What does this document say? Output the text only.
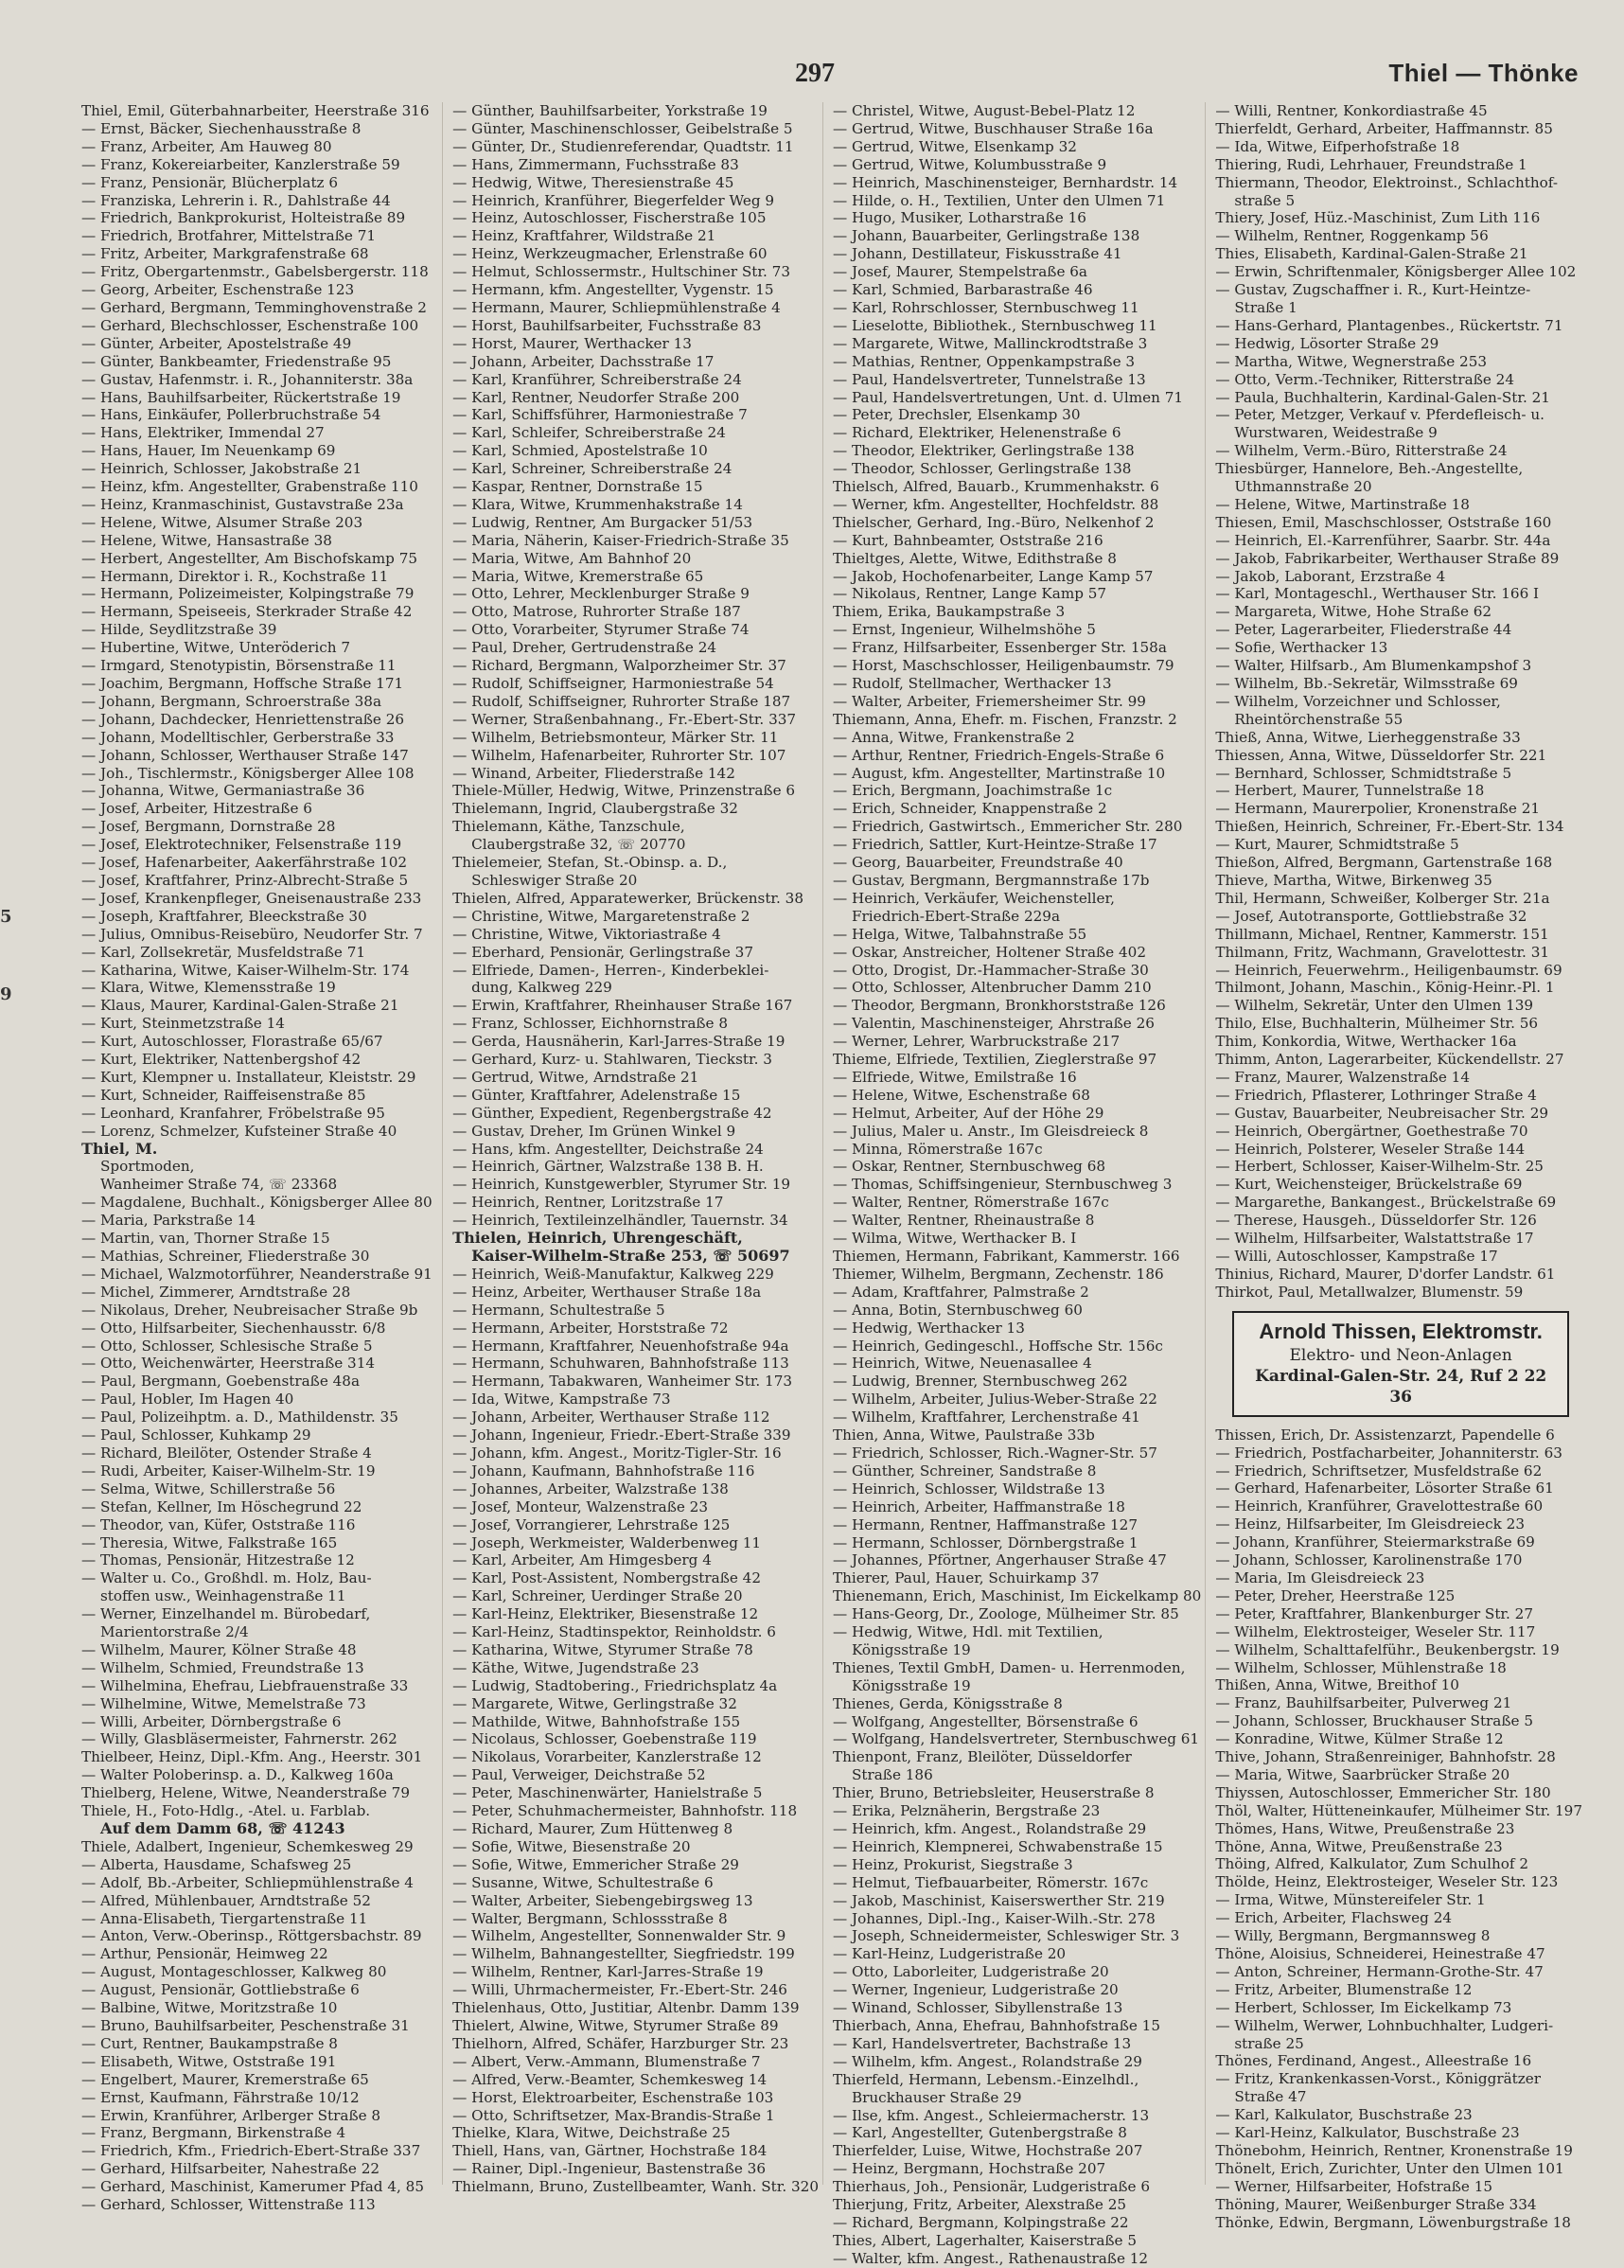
297	Thiel — Thönke
5
9
Thiel, Emil, Güterbahnarbeiter, Heerstraße 316
— Ernst, Bäcker, Siechenhausstraße 8
— Franz, Arbeiter, Am Hauweg 80
— Franz, Kokereiarbeiter, Kanzlerstraße 59
— Franz, Pensionär, Blücherplatz 6
— Franziska, Lehrerin i. R., Dahlstraße 44
— Friedrich, Bankprokurist, Holteistraße 89
— Friedrich, Brotfahrer, Mittelstraße 71
— Fritz, Arbeiter, Markgrafenstraße 68
— Fritz, Obergartenmstr., Gabelsbergerstr. 118
— Georg, Arbeiter, Eschenstraße 123
— Gerhard, Bergmann, Temminghovenstraße 2
— Gerhard, Blechschlosser, Eschenstraße 100
— Günter, Arbeiter, Apostelstraße 49
— Günter, Bankbeamter, Friedenstraße 95
— Gustav, Hafenmstr. i. R., Johanniterstr. 38a
— Hans, Bauhilfsarbeiter, Rückertstraße 19
— Hans, Einkäufer, Pollerbruchstraße 54
— Hans, Elektriker, Immendal 27
— Hans, Hauer, Im Neuenkamp 69
— Heinrich, Schlosser, Jakobstraße 21
— Heinz, kfm. Angestellter, Grabenstraße 110
— Heinz, Kranmaschinist, Gustavstraße 23a
— Helene, Witwe, Alsumer Straße 203
— Helene, Witwe, Hansastraße 38
— Herbert, Angestellter, Am Bischofskamp 75
— Hermann, Direktor i. R., Kochstraße 11
— Hermann, Polizeimeister, Kolpingstraße 79
— Hermann, Speiseeis, Sterkrader Straße 42
— Hilde, Seydlitzstraße 39
— Hubertine, Witwe, Unteröderich 7
— Irmgard, Stenotypistin, Börsenstraße 11
— Joachim, Bergmann, Hoffsche Straße 171
— Johann, Bergmann, Schroerstraße 38a
— Johann, Dachdecker, Henriettenstraße 26
— Johann, Modelltischler, Gerberstraße 33
— Johann, Schlosser, Werthauser Straße 147
— Joh., Tischlermstr., Königsberger Allee 108
— Johanna, Witwe, Germaniastraße 36
— Josef, Arbeiter, Hitzestraße 6
— Josef, Bergmann, Dornstraße 28
— Josef, Elektrotechniker, Felsenstraße 119
— Josef, Hafenarbeiter, Aakerfährstraße 102
— Josef, Kraftfahrer, Prinz-Albrecht-Straße 5
— Josef, Krankenpfleger, Gneisenaustraße 233
— Joseph, Kraftfahrer, Bleeckstraße 30
— Julius, Omnibus-Reisebüro, Neudorfer Str. 7
— Karl, Zollsekretär, Musfeldstraße 71
— Katharina, Witwe, Kaiser-Wilhelm-Str. 174
— Klara, Witwe, Klemensstraße 19
— Klaus, Maurer, Kardinal-Galen-Straße 21
— Kurt, Steinmetzstraße 14
— Kurt, Autoschlosser, Florastraße 65/67
— Kurt, Elektriker, Nattenbergshof 42
— Kurt, Klempner u. Installateur, Kleiststr. 29
— Kurt, Schneider, Raiffeisenstraße 85
— Leonhard, Kranfahrer, Fröbelstraße 95
— Lorenz, Schmelzer, Kufsteiner Straße 40
Thiel, M.
Sportmoden,
Wanheimer Straße 74, ☏ 23368
— Magdalene, Buchhalt., Königsberger Allee 80
— Maria, Parkstraße 14
— Martin, van, Thorner Straße 15
— Mathias, Schreiner, Fliederstraße 30
— Michael, Walzmotorführer, Neanderstraße 91
— Michel, Zimmerer, Arndtstraße 28
— Nikolaus, Dreher, Neubreisacher Straße 9b
— Otto, Hilfsarbeiter, Siechenhausstr. 6/8
— Otto, Schlosser, Schlesische Straße 5
— Otto, Weichenwärter, Heerstraße 314
— Paul, Bergmann, Goebenstraße 48a
— Paul, Hobler, Im Hagen 40
— Paul, Polizeihptm. a. D., Mathildenstr. 35
— Paul, Schlosser, Kuhkamp 29
— Richard, Bleilöter, Ostender Straße 4
— Rudi, Arbeiter, Kaiser-Wilhelm-Str. 19
— Selma, Witwe, Schillerstraße 56
— Stefan, Kellner, Im Höschegrund 22
— Theodor, van, Küfer, Oststraße 116
— Theresia, Witwe, Falkstraße 165
— Thomas, Pensionär, Hitzestraße 12
— Walter u. Co., Großhdl. m. Holz, Bau-
stoffen usw., Weinhagenstraße 11
— Werner, Einzelhandel m. Bürobedarf,
Marientorstraße 2/4
— Wilhelm, Maurer, Kölner Straße 48
— Wilhelm, Schmied, Freundstraße 13
— Wilhelmina, Ehefrau, Liebfrauenstraße 33
— Wilhelmine, Witwe, Memelstraße 73
— Willi, Arbeiter, Dörnbergstraße 6
— Willy, Glasbläsermeister, Fahrnerstr. 262
Thielbeer, Heinz, Dipl.-Kfm. Ang., Heerstr. 301
— Walter Poloberinsp. a. D., Kalkweg 160a
Thielberg, Helene, Witwe, Neanderstraße 79
Thiele, H., Foto-Hdlg., -Atel. u. Farblab.
Auf dem Damm 68, ☏ 41243
Thiele, Adalbert, Ingenieur, Schemkesweg 29
— Alberta, Hausdame, Schafsweg 25
— Adolf, Bb.-Arbeiter, Schliepmühlenstraße 4
— Alfred, Mühlenbauer, Arndtstraße 52
— Anna-Elisabeth, Tiergartenstraße 11
— Anton, Verw.-Oberinsp., Röttgersbachstr. 89
— Arthur, Pensionär, Heimweg 22
— August, Montageschlosser, Kalkweg 80
— August, Pensionär, Gottliebstraße 6
— Balbine, Witwe, Moritzstraße 10
— Bruno, Bauhilfsarbeiter, Peschenstraße 31
— Curt, Rentner, Baukampstraße 8
— Elisabeth, Witwe, Oststraße 191
— Engelbert, Maurer, Kremerstraße 65
— Ernst, Kaufmann, Fährstraße 10/12
— Erwin, Kranführer, Arlberger Straße 8
— Franz, Bergmann, Birkenstraße 4
— Friedrich, Kfm., Friedrich-Ebert-Straße 337
— Gerhard, Hilfsarbeiter, Nahestraße 22
— Gerhard, Maschinist, Kamerumer Pfad 4, 85
— Gerhard, Schlosser, Wittenstraße 113
— Günther, Bauhilfsarbeiter, Yorkstraße 19
— Günter, Maschinenschlosser, Geibelstraße 5
— Günter, Dr., Studienreferendar, Quadtstr. 11
— Hans, Zimmermann, Fuchsstraße 83
— Hedwig, Witwe, Theresienstraße 45
— Heinrich, Kranführer, Biegerfelder Weg 9
— Heinz, Autoschlosser, Fischerstraße 105
— Heinz, Kraftfahrer, Wildstraße 21
— Heinz, Werkzeugmacher, Erlenstraße 60
— Helmut, Schlossermstr., Hultschiner Str. 73
— Hermann, kfm. Angestellter, Vygenstr. 15
— Hermann, Maurer, Schliepmühlenstraße 4
— Horst, Bauhilfsarbeiter, Fuchsstraße 83
— Horst, Maurer, Werthacker 13
— Johann, Arbeiter, Dachsstraße 17
— Karl, Kranführer, Schreiberstraße 24
— Karl, Rentner, Neudorfer Straße 200
— Karl, Schiffsführer, Harmoniestraße 7
— Karl, Schleifer, Schreiberstraße 24
— Karl, Schmied, Apostelstraße 10
— Karl, Schreiner, Schreiberstraße 24
— Kaspar, Rentner, Dornstraße 15
— Klara, Witwe, Krummenhakstraße 14
— Ludwig, Rentner, Am Burgacker 51/53
— Maria, Näherin, Kaiser-Friedrich-Straße 35
— Maria, Witwe, Am Bahnhof 20
— Maria, Witwe, Kremerstraße 65
— Otto, Lehrer, Mecklenburger Straße 9
— Otto, Matrose, Ruhrorter Straße 187
— Otto, Vorarbeiter, Styrumer Straße 74
— Paul, Dreher, Gertrudenstraße 24
— Richard, Bergmann, Walporzheimer Str. 37
— Rudolf, Schiffseigner, Harmoniestraße 54
— Rudolf, Schiffseigner, Ruhrorter Straße 187
— Werner, Straßenbahnang., Fr.-Ebert-Str. 337
— Wilhelm, Betriebsmonteur, Märker Str. 11
— Wilhelm, Hafenarbeiter, Ruhrorter Str. 107
— Winand, Arbeiter, Fliederstraße 142
Thiele-Müller, Hedwig, Witwe, Prinzenstraße 6
Thielemann, Ingrid, Claubergstraße 32
Thielemann, Käthe, Tanzschule,
Claubergstraße 32, ☏ 20770
Thielemeier, Stefan, St.-Obinsp. a. D.,
Schleswiger Straße 20
Thielen, Alfred, Apparatewerker, Brückenstr. 38
— Christine, Witwe, Margaretenstraße 2
— Christine, Witwe, Viktoriastraße 4
— Eberhard, Pensionär, Gerlingstraße 37
— Elfriede, Damen-, Herren-, Kinderbeklei-
dung, Kalkweg 229
— Erwin, Kraftfahrer, Rheinhauser Straße 167
— Franz, Schlosser, Eichhornstraße 8
— Gerda, Hausnäherin, Karl-Jarres-Straße 19
— Gerhard, Kurz- u. Stahlwaren, Tieckstr. 3
— Gertrud, Witwe, Arndstraße 21
— Günter, Kraftfahrer, Adelenstraße 15
— Günther, Expedient, Regenbergstraße 42
— Gustav, Dreher, Im Grünen Winkel 9
— Hans, kfm. Angestellter, Deichstraße 24
— Heinrich, Gärtner, Walzstraße 138 B. H.
— Heinrich, Kunstgewerbler, Styrumer Str. 19
— Heinrich, Rentner, Loritzstraße 17
— Heinrich, Textileinzelhändler, Tauernstr. 34
Thielen, Heinrich, Uhrengeschäft,
Kaiser-Wilhelm-Straße 253, ☏ 50697
— Heinrich, Weiß-Manufaktur, Kalkweg 229
— Heinz, Arbeiter, Werthauser Straße 18a
— Hermann, Schultestraße 5
— Hermann, Arbeiter, Horststraße 72
— Hermann, Kraftfahrer, Neuenhofstraße 94a
— Hermann, Schuhwaren, Bahnhofstraße 113
— Hermann, Tabakwaren, Wanheimer Str. 173
— Ida, Witwe, Kampstraße 73
— Johann, Arbeiter, Werthauser Straße 112
— Johann, Ingenieur, Friedr.-Ebert-Straße 339
— Johann, kfm. Angest., Moritz-Tigler-Str. 16
— Johann, Kaufmann, Bahnhofstraße 116
— Johannes, Arbeiter, Walzstraße 138
— Josef, Monteur, Walzenstraße 23
— Josef, Vorrangierer, Lehrstraße 125
— Joseph, Werkmeister, Walderbenweg 11
— Karl, Arbeiter, Am Himgesberg 4
— Karl, Post-Assistent, Nombergstraße 42
— Karl, Schreiner, Uerdinger Straße 20
— Karl-Heinz, Elektriker, Biesenstraße 12
— Karl-Heinz, Stadtinspektor, Reinholdstr. 6
— Katharina, Witwe, Styrumer Straße 78
— Käthe, Witwe, Jugendstraße 23
— Ludwig, Stadtobering., Friedrichsplatz 4a
— Margarete, Witwe, Gerlingstraße 32
— Mathilde, Witwe, Bahnhofstraße 155
— Nicolaus, Schlosser, Goebenstraße 119
— Nikolaus, Vorarbeiter, Kanzlerstraße 12
— Paul, Verweiger, Deichstraße 52
— Peter, Maschinenwärter, Hanielstraße 5
— Peter, Schuhmachermeister, Bahnhofstr. 118
— Richard, Maurer, Zum Hüttenweg 8
— Sofie, Witwe, Biesenstraße 20
— Sofie, Witwe, Emmericher Straße 29
— Susanne, Witwe, Schultestraße 6
— Walter, Arbeiter, Siebengebirgsweg 13
— Walter, Bergmann, Schlossstraße 8
— Wilhelm, Angestellter, Sonnenwalder Str. 9
— Wilhelm, Bahnangestellter, Siegfriedstr. 199
— Wilhelm, Rentner, Karl-Jarres-Straße 19
— Willi, Uhrmachermeister, Fr.-Ebert-Str. 246
Thielenhaus, Otto, Justitiar, Altenbr. Damm 139
Thielert, Alwine, Witwe, Styrumer Straße 89
Thielhorn, Alfred, Schäfer, Harzburger Str. 23
— Albert, Verw.-Ammann, Blumenstraße 7
— Alfred, Verw.-Beamter, Schemkesweg 14
— Horst, Elektroarbeiter, Eschenstraße 103
— Otto, Schriftsetzer, Max-Brandis-Straße 1
Thielke, Klara, Witwe, Deichstraße 25
Thiell, Hans, van, Gärtner, Hochstraße 184
— Rainer, Dipl.-Ingenieur, Bastenstraße 36
Thielmann, Bruno, Zustellbeamter, Wanh. Str. 320
— Christel, Witwe, August-Bebel-Platz 12
— Gertrud, Witwe, Buschhauser Straße 16a
— Gertrud, Witwe, Elsenkamp 32
— Gertrud, Witwe, Kolumbusstraße 9
— Heinrich, Maschinensteiger, Bernhardstr. 14
— Hilde, o. H., Textilien, Unter den Ulmen 71
— Hugo, Musiker, Lotharstraße 16
— Johann, Bauarbeiter, Gerlingstraße 138
— Johann, Destillateur, Fiskusstraße 41
— Josef, Maurer, Stempelstraße 6a
— Karl, Schmied, Barbarastraße 46
— Karl, Rohrschlosser, Sternbuschweg 11
— Lieselotte, Bibliothek., Sternbuschweg 11
— Margarete, Witwe, Mallinckrodtstraße 3
— Mathias, Rentner, Oppenkampstraße 3
— Paul, Handelsvertreter, Tunnelstraße 13
— Paul, Handelsvertretungen, Unt. d. Ulmen 71
— Peter, Drechsler, Elsenkamp 30
— Richard, Elektriker, Helenenstraße 6
— Theodor, Elektriker, Gerlingstraße 138
— Theodor, Schlosser, Gerlingstraße 138
Thielsch, Alfred, Bauarb., Krummenhakstr. 6
— Werner, kfm. Angestellter, Hochfeldstr. 88
Thielscher, Gerhard, Ing.-Büro, Nelkenhof 2
— Kurt, Bahnbeamter, Oststraße 216
Thieltges, Alette, Witwe, Edithstraße 8
— Jakob, Hochofenarbeiter, Lange Kamp 57
— Nikolaus, Rentner, Lange Kamp 57
Thiem, Erika, Baukampstraße 3
— Ernst, Ingenieur, Wilhelmshöhe 5
— Franz, Hilfsarbeiter, Essenberger Str. 158a
— Horst, Maschschlosser, Heiligenbaumstr. 79
— Rudolf, Stellmacher, Werthacker 13
— Walter, Arbeiter, Friemersheimer Str. 99
Thiemann, Anna, Ehefr. m. Fischen, Franzstr. 2
— Anna, Witwe, Frankenstraße 2
— Arthur, Rentner, Friedrich-Engels-Straße 6
— August, kfm. Angestellter, Martinstraße 10
— Erich, Bergmann, Joachimstraße 1c
— Erich, Schneider, Knappenstraße 2
— Friedrich, Gastwirtsch., Emmericher Str. 280
— Friedrich, Sattler, Kurt-Heintze-Straße 17
— Georg, Bauarbeiter, Freundstraße 40
— Gustav, Bergmann, Bergmannstraße 17b
— Heinrich, Verkäufer, Weichensteller,
Friedrich-Ebert-Straße 229a
— Helga, Witwe, Talbahnstraße 55
— Oskar, Anstreicher, Holtener Straße 402
— Otto, Drogist, Dr.-Hammacher-Straße 30
— Otto, Schlosser, Altenbrucher Damm 210
— Theodor, Bergmann, Bronkhorststraße 126
— Valentin, Maschinensteiger, Ahrstraße 26
— Werner, Lehrer, Warbruckstraße 217
Thieme, Elfriede, Textilien, Zieglerstraße 97
— Elfriede, Witwe, Emilstraße 16
— Helene, Witwe, Eschenstraße 68
— Helmut, Arbeiter, Auf der Höhe 29
— Julius, Maler u. Anstr., Im Gleisdreieck 8
— Minna, Römerstraße 167c
— Oskar, Rentner, Sternbuschweg 68
— Thomas, Schiffsingenieur, Sternbuschweg 3
— Walter, Rentner, Römerstraße 167c
— Walter, Rentner, Rheinaustraße 8
— Wilma, Witwe, Werthacker B. I
Thiemen, Hermann, Fabrikant, Kammerstr. 166
Thiemer, Wilhelm, Bergmann, Zechenstr. 186
— Adam, Kraftfahrer, Palmstraße 2
— Anna, Botin, Sternbuschweg 60
— Hedwig, Werthacker 13
— Heinrich, Gedingeschl., Hoffsche Str. 156c
— Heinrich, Witwe, Neuenasallee 4
— Ludwig, Brenner, Sternbuschweg 262
— Wilhelm, Arbeiter, Julius-Weber-Straße 22
— Wilhelm, Kraftfahrer, Lerchenstraße 41
Thien, Anna, Witwe, Paulstraße 33b
— Friedrich, Schlosser, Rich.-Wagner-Str. 57
— Günther, Schreiner, Sandstraße 8
— Heinrich, Schlosser, Wildstraße 13
— Heinrich, Arbeiter, Haffmanstraße 18
— Hermann, Rentner, Haffmanstraße 127
— Hermann, Schlosser, Dörnbergstraße 1
— Johannes, Pförtner, Angerhauser Straße 47
Thierer, Paul, Hauer, Schuirkamp 37
Thienemann, Erich, Maschinist, Im Eickelkamp 80
— Hans-Georg, Dr., Zoologe, Mülheimer Str. 85
— Hedwig, Witwe, Hdl. mit Textilien,
Königsstraße 19
Thienes, Textil GmbH, Damen- u. Herrenmoden,
Königsstraße 19
Thienes, Gerda, Königsstraße 8
— Wolfgang, Angestellter, Börsenstraße 6
— Wolfgang, Handelsvertreter, Sternbuschweg 61
Thienpont, Franz, Bleilöter, Düsseldorfer
Straße 186
Thier, Bruno, Betriebsleiter, Heuserstraße 8
— Erika, Pelznäherin, Bergstraße 23
— Heinrich, kfm. Angest., Rolandstraße 29
— Heinrich, Klempnerei, Schwabenstraße 15
— Heinz, Prokurist, Siegstraße 3
— Helmut, Tiefbauarbeiter, Römerstr. 167c
— Jakob, Maschinist, Kaiserswerther Str. 219
— Johannes, Dipl.-Ing., Kaiser-Wilh.-Str. 278
— Joseph, Schneidermeister, Schleswiger Str. 3
— Karl-Heinz, Ludgeristraße 20
— Otto, Laborleiter, Ludgeristraße 20
— Werner, Ingenieur, Ludgeristraße 20
— Winand, Schlosser, Sibyllenstraße 13
Thierbach, Anna, Ehefrau, Bahnhofstraße 15
— Karl, Handelsvertreter, Bachstraße 13
— Wilhelm, kfm. Angest., Rolandstraße 29
Thierfeld, Hermann, Lebensm.-Einzelhdl.,
Bruckhauser Straße 29
— Ilse, kfm. Angest., Schleiermacherstr. 13
— Karl, Angestellter, Gutenbergstraße 8
Thierfelder, Luise, Witwe, Hochstraße 207
— Heinz, Bergmann, Hochstraße 207
Thierhaus, Joh., Pensionär, Ludgeristraße 6
Thierjung, Fritz, Arbeiter, Alexstraße 25
— Richard, Bergmann, Kolpingstraße 22
Thies, Albert, Lagerhalter, Kaiserstraße 5
— Walter, kfm. Angest., Rathenaustraße 12
— Willi, Rentner, Konkordiastraße 45
Thierfeldt, Gerhard, Arbeiter, Haffmannstr. 85
— Ida, Witwe, Eifperhofstraße 18
Thiering, Rudi, Lehrhauer, Freundstraße 1
Thiermann, Theodor, Elektroinst., Schlachthof-
straße 5
Thiery, Josef, Hüz.-Maschinist, Zum Lith 116
— Wilhelm, Rentner, Roggenkamp 56
Thies, Elisabeth, Kardinal-Galen-Straße 21
— Erwin, Schriftenmaler, Königsberger Allee 102
— Gustav, Zugschaffner i. R., Kurt-Heintze-
Straße 1
— Hans-Gerhard, Plantagenbes., Rückertstr. 71
— Hedwig, Lösorter Straße 29
— Martha, Witwe, Wegnerstraße 253
— Otto, Verm.-Techniker, Ritterstraße 24
— Paula, Buchhalterin, Kardinal-Galen-Str. 21
— Peter, Metzger, Verkauf v. Pferdefleisch- u.
Wurstwaren, Weidestraße 9
— Wilhelm, Verm.-Büro, Ritterstraße 24
Thiesbürger, Hannelore, Beh.-Angestellte,
Uthmannstraße 20
— Helene, Witwe, Martinstraße 18
Thiesen, Emil, Maschschlosser, Oststraße 160
— Heinrich, El.-Karrenführer, Saarbr. Str. 44a
— Jakob, Fabrikarbeiter, Werthauser Straße 89
— Jakob, Laborant, Erzstraße 4
— Karl, Montageschl., Werthauser Str. 166 I
— Margareta, Witwe, Hohe Straße 62
— Peter, Lagerarbeiter, Fliederstraße 44
— Sofie, Werthacker 13
— Walter, Hilfsarb., Am Blumenkampshof 3
— Wilhelm, Bb.-Sekretär, Wilmsstraße 69
— Wilhelm, Vorzeichner und Schlosser,
Rheintörchenstraße 55
Thieß, Anna, Witwe, Lierheggenstraße 33
Thiessen, Anna, Witwe, Düsseldorfer Str. 221
— Bernhard, Schlosser, Schmidtstraße 5
— Herbert, Maurer, Tunnelstraße 18
— Hermann, Maurerpolier, Kronenstraße 21
Thießen, Heinrich, Schreiner, Fr.-Ebert-Str. 134
— Kurt, Maurer, Schmidtstraße 5
Thießon, Alfred, Bergmann, Gartenstraße 168
Thieve, Martha, Witwe, Birkenweg 35
Thil, Hermann, Schweißer, Kolberger Str. 21a
— Josef, Autotransporte, Gottliebstraße 32
Thillmann, Michael, Rentner, Kammerstr. 151
Thilmann, Fritz, Wachmann, Gravelottestr. 31
— Heinrich, Feuerwehrm., Heiligenbaumstr. 69
Thilmont, Johann, Maschin., König-Heinr.-Pl. 1
— Wilhelm, Sekretär, Unter den Ulmen 139
Thilo, Else, Buchhalterin, Mülheimer Str. 56
Thim, Konkordia, Witwe, Werthacker 16a
Thimm, Anton, Lagerarbeiter, Kückendellstr. 27
— Franz, Maurer, Walzenstraße 14
— Friedrich, Pflasterer, Lothringer Straße 4
— Gustav, Bauarbeiter, Neubreisacher Str. 29
— Heinrich, Obergärtner, Goethestraße 70
— Heinrich, Polsterer, Weseler Straße 144
— Herbert, Schlosser, Kaiser-Wilhelm-Str. 25
— Kurt, Weichensteiger, Brückelstraße 69
— Margarethe, Bankangest., Brückelstraße 69
— Therese, Hausgeh., Düsseldorfer Str. 126
— Wilhelm, Hilfsarbeiter, Walstattstraße 17
— Willi, Autoschlosser, Kampstraße 17
Thinius, Richard, Maurer, D'dorfer Landstr. 61
Thirkot, Paul, Metallwalzer, Blumenstr. 59
Arnold Thissen, Elektromstr.
Elektro- und Neon-Anlagen
Kardinal-Galen-Str. 24, Ruf 2 22 36
Thissen, Erich, Dr. Assistenzarzt, Papendelle 6
— Friedrich, Postfacharbeiter, Johanniterstr. 63
— Friedrich, Schriftsetzer, Musfeldstraße 62
— Gerhard, Hafenarbeiter, Lösorter Straße 61
— Heinrich, Kranführer, Gravelottestraße 60
— Heinz, Hilfsarbeiter, Im Gleisdreieck 23
— Johann, Kranführer, Steiermarkstraße 69
— Johann, Schlosser, Karolinenstraße 170
— Maria, Im Gleisdreieck 23
— Peter, Dreher, Heerstraße 125
— Peter, Kraftfahrer, Blankenburger Str. 27
— Wilhelm, Elektrosteiger, Weseler Str. 117
— Wilhelm, Schalttafelführ., Beukenbergstr. 19
— Wilhelm, Schlosser, Mühlenstraße 18
Thißen, Anna, Witwe, Breithof 10
— Franz, Bauhilfsarbeiter, Pulverweg 21
— Johann, Schlosser, Bruckhauser Straße 5
— Konradine, Witwe, Külmer Straße 12
Thive, Johann, Straßenreiniger, Bahnhofstr. 28
— Maria, Witwe, Saarbrücker Straße 20
Thiyssen, Autoschlosser, Emmericher Str. 180
Thöl, Walter, Hütteneinkaufer, Mülheimer Str. 197
Thömes, Hans, Witwe, Preußenstraße 23
Thöne, Anna, Witwe, Preußenstraße 23
Thöing, Alfred, Kalkulator, Zum Schulhof 2
Thölde, Heinz, Elektrosteiger, Weseler Str. 123
— Irma, Witwe, Münstereifeler Str. 1
— Erich, Arbeiter, Flachsweg 24
— Willy, Bergmann, Bergmannsweg 8
Thöne, Aloisius, Schneiderei, Heinestraße 47
— Anton, Schreiner, Hermann-Grothe-Str. 47
— Fritz, Arbeiter, Blumenstraße 12
— Herbert, Schlosser, Im Eickelkamp 73
— Wilhelm, Werwer, Lohnbuchhalter, Ludgeri-
straße 25
Thönes, Ferdinand, Angest., Alleestraße 16
— Fritz, Krankenkassen-Vorst., Königgrätzer
Straße 47
— Karl, Kalkulator, Buschstraße 23
— Karl-Heinz, Kalkulator, Buschstraße 23
Thönebohm, Heinrich, Rentner, Kronenstraße 19
Thönelt, Erich, Zurichter, Unter den Ulmen 101
— Werner, Hilfsarbeiter, Hofstraße 15
Thöning, Maurer, Weißenburger Straße 334
Thönke, Edwin, Bergmann, Löwenburgstraße 18
